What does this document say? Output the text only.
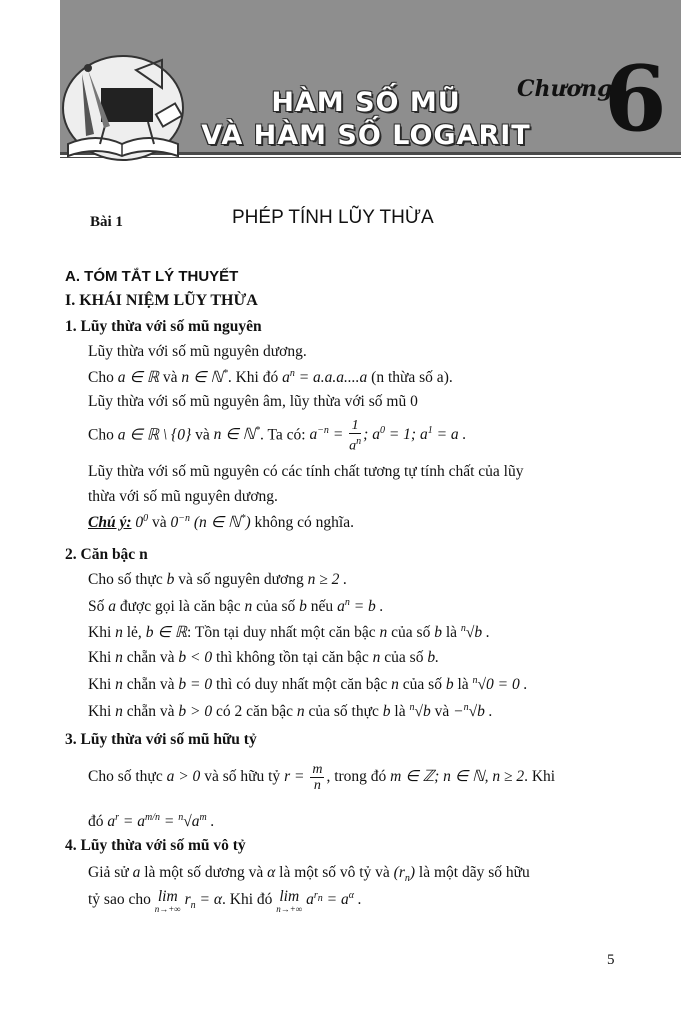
HÀM SỐ MŨ
VÀ HÀM SỐ LOGARIT
Chương
6
Bài 1	PHÉP TÍNH LŨY THỪA
A. TÓM TẮT LÝ THUYẾT
I. KHÁI NIỆM LŨY THỪA
1. Lũy thừa với số mũ nguyên
Lũy thừa với số mũ nguyên dương.
Cho a ∈ ℝ và n ∈ ℕ*. Khi đó $a^n = a.a.a....a$ (n thừa số a).
Lũy thừa với số mũ nguyên âm, lũy thừa với số mũ 0
Cho a ∈ ℝ \ {0} và n ∈ ℕ*. Ta có: $a^{-n} = \frac{1}{a^n}$ ; $a^0 = 1$; $a^1 = a$ .
Lũy thừa với số mũ nguyên có các tính chất tương tự tính chất của lũy
thừa với số mũ nguyên dương.
Chú ý: $0^0$ và $0^{-n}$ (n ∈ ℕ*) không có nghĩa.
2. Căn bậc n
Cho số thực b và số nguyên dương n ≥ 2 .
Số a được gọi là căn bậc n của số b nếu $a^n = b$ .
Khi n lẻ, b ∈ ℝ: Tồn tại duy nhất một căn bậc n của số b là $^n$√b .
Khi n chẵn và b < 0 thì không tồn tại căn bậc n của số b.
Khi n chẵn và b = 0 thì có duy nhất một căn bậc n của số b là $^n$√0 = 0 .
Khi n chẵn và b > 0 có 2 căn bậc n của số thực b là $^n$√b và −$^n$√b .
3. Lũy thừa với số mũ hữu tỷ
Cho số thực a > 0 và số hữu tỷ $r = \frac{m}{n}$ , trong đó m ∈ ℤ; n ∈ ℕ, n ≥ 2. Khi
đó $a^r = a^{m/n} = ^n√a^m$ .
4. Lũy thừa với số mũ vô tỷ
Giả sử a là một số dương và α là một số vô tỷ và $(r_n)$ là một dãy số hữu
tỷ sao cho lim
n→+∞
$r_n = \alpha$. Khi đó lim
n→+∞
$a^{r_n} = a^\alpha$ .
5
